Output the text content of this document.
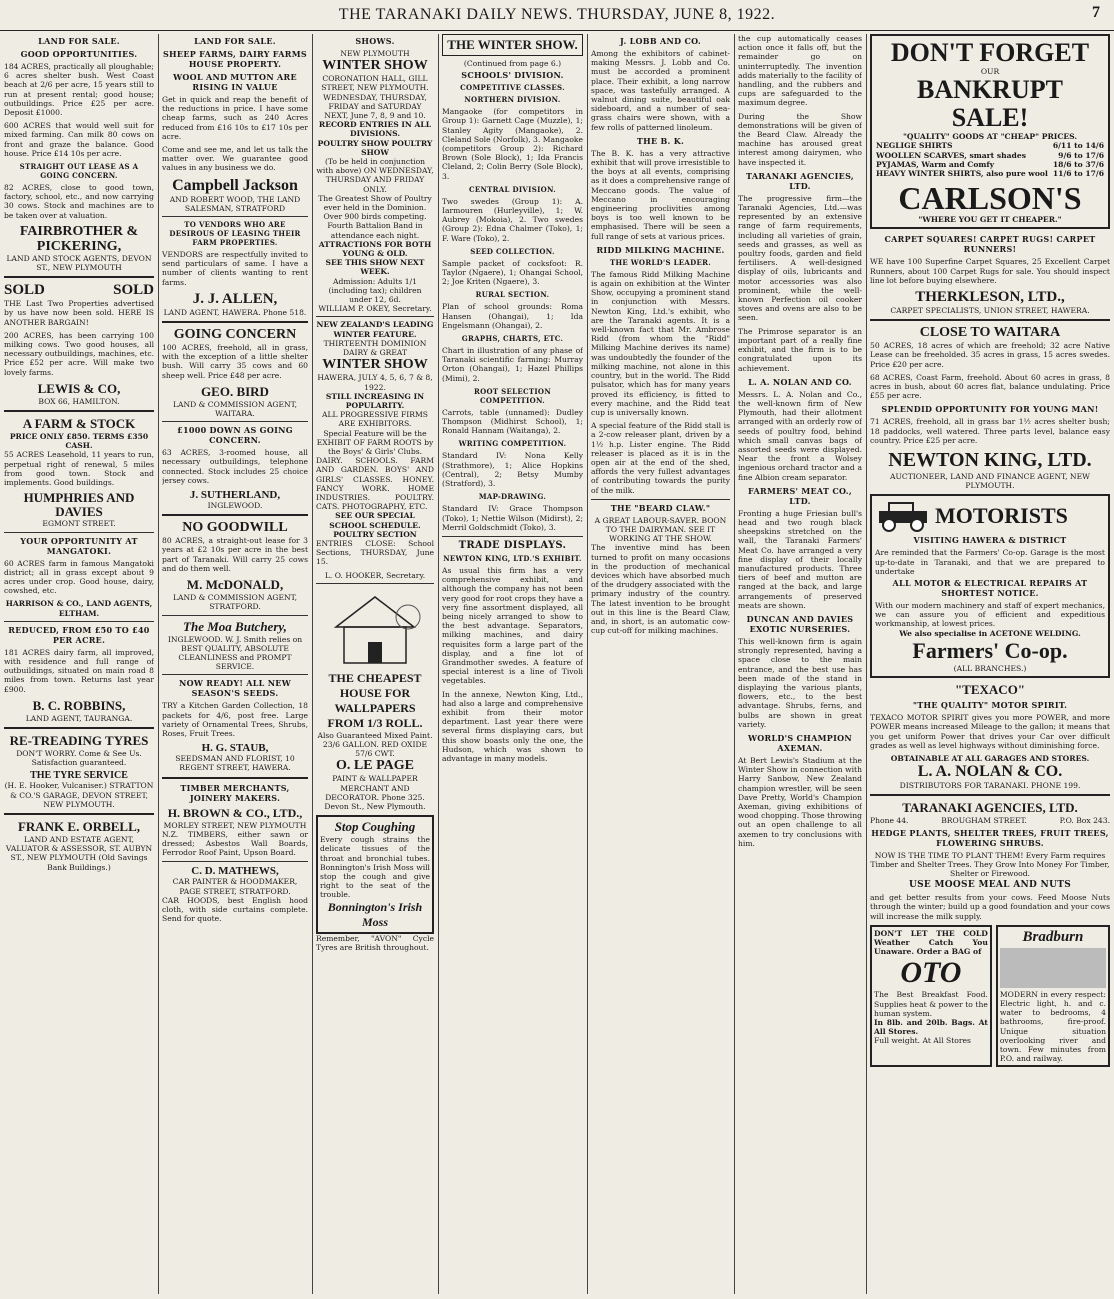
THE TARANAKI DAILY NEWS. THURSDAY, JUNE 8, 1922.	7
LAND FOR SALE.
GOOD OPPORTUNITIES.
184 ACRES, practically all ploughable; 6 acres shelter bush. West Coast beach at 2/6 per acre, 15 years still to run at present rental; good house; outbuildings. Price £25 per acre. Deposit £1000.
600 ACRES that would well suit for mixed farming. Can milk 80 cows on front and graze the balance. Good house. Price £14 10s per acre.
STRAIGHT OUT LEASE AS A GOING CONCERN.
82 ACRES, close to good town, factory, school, etc., and now carrying 30 cows. Stock and machines are to be taken over at valuation.
FAIRBROTHER & PICKERING,
LAND AND STOCK AGENTS, DEVON ST., NEW PLYMOUTH
SOLD	SOLD
THE Last Two Properties advertised by us have now been sold. HERE IS ANOTHER BARGAIN!
200 ACRES, has been carrying 100 milking cows. Two good houses, all necessary outbuildings, machines, etc. Price £52 per acre. Will make two lovely farms.
LEWIS & CO,
BOX 66, HAMILTON.
A FARM & STOCK
PRICE ONLY £850. TERMS £350 CASH.
55 ACRES Leasehold, 11 years to run, perpetual right of renewal, 5 miles from good town. Stock and implements. Good buildings.
HUMPHRIES AND DAVIES
EGMONT STREET.
YOUR OPPORTUNITY AT MANGATOKI.
60 ACRES farm in famous Mangatoki district; all in grass except about 9 acres under crop. Good house, dairy, cowshed, etc.
HARRISON & CO., LAND AGENTS, ELTHAM.
REDUCED, FROM £50 TO £40 PER ACRE.
181 ACRES dairy farm, all improved, with residence and full range of outbuildings, situated on main road 8 miles from town. Returns last year £900.
B. C. ROBBINS,
LAND AGENT, TAURANGA.
RE-TREADING TYRES
DON'T WORRY. Come & See Us. Satisfaction guaranteed.
THE TYRE SERVICE
(H. E. Hooker, Vulcaniser.) STRATTON & CO.'S GARAGE, DEVON STREET, NEW PLYMOUTH.
FRANK E. ORBELL,
LAND AND ESTATE AGENT, VALUATOR & ASSESSOR, ST. AUBYN ST., NEW PLYMOUTH (Old Savings Bank Buildings.)
LAND FOR SALE.
SHEEP FARMS, DAIRY FARMS HOUSE PROPERTY.
WOOL AND MUTTON ARE RISING IN VALUE
Get in quick and reap the benefit of the reductions in price. I have some cheap farms, such as 240 Acres reduced from £16 10s to £17 10s per acre.
Come and see me, and let us talk the matter over. We guarantee good values in any business we do.
Campbell Jackson
AND ROBERT WOOD, THE LAND SALESMAN, STRATFORD
TO VENDORS WHO ARE DESIROUS OF LEASING THEIR FARM PROPERTIES.
VENDORS are respectfully invited to send particulars of same. I have a number of clients wanting to rent farms.
J. J. ALLEN,
LAND AGENT, HAWERA. Phone 518.
GOING CONCERN
100 ACRES, freehold, all in grass, with the exception of a little shelter bush. Will carry 35 cows and 60 sheep well. Price £48 per acre.
GEO. BIRD
LAND & COMMISSION AGENT, WAITARA.
£1000 DOWN AS GOING CONCERN.
63 ACRES, 3-roomed house, all necessary outbuildings, telephone connected. Stock includes 25 choice jersey cows.
J. SUTHERLAND,
INGLEWOOD.
NO GOODWILL
80 ACRES, a straight-out lease for 3 years at £2 10s per acre in the best part of Taranaki. Will carry 25 cows and do them well.
M. McDONALD,
LAND & COMMISSION AGENT, STRATFORD.
The Moa Butchery,
INGLEWOOD. W. J. Smith relies on BEST QUALITY, ABSOLUTE CLEANLINESS and PROMPT SERVICE.
NOW READY! ALL NEW SEASON'S SEEDS.
TRY a Kitchen Garden Collection, 18 packets for 4/6, post free. Large variety of Ornamental Trees, Shrubs, Roses, Fruit Trees.
H. G. STAUB,
SEEDSMAN AND FLORIST, 10 REGENT STREET, HAWERA.
TIMBER MERCHANTS, JOINERY MAKERS.
H. BROWN & CO., LTD.,
MORLEY STREET, NEW PLYMOUTH
N.Z. TIMBERS, either sawn or dressed; Asbestos Wall Boards, Ferrodor Roof Paint, Upson Board.
C. D. MATHEWS,
CAR PAINTER & HOODMAKER, PAGE STREET, STRATFORD.
CAR HOODS, best English hood cloth, with side curtains complete. Send for quote.
SHOWS.
NEW PLYMOUTH
WINTER SHOW
CORONATION HALL, GILL STREET, NEW PLYMOUTH.
WEDNESDAY, THURSDAY, FRIDAY and SATURDAY NEXT, June 7, 8, 9 and 10.
RECORD ENTRIES IN ALL DIVISIONS.
POULTRY SHOW POULTRY SHOW
(To be held in conjunction with above) ON WEDNESDAY, THURSDAY AND FRIDAY ONLY.
The Greatest Show of Poultry ever held in the Dominion. Over 900 birds competing.
Fourth Battalion Band in attendance each night.
ATTRACTIONS FOR BOTH YOUNG & OLD.
SEE THIS SHOW NEXT WEEK.
Admission: Adults 1/1 (including tax); children under 12, 6d.
WILLIAM P. OKEY, Secretary.
NEW ZEALAND'S LEADING WINTER FEATURE.
THIRTEENTH DOMINION DAIRY & GREAT
WINTER SHOW
HAWERA, JULY 4, 5, 6, 7 & 8, 1922.
STILL INCREASING IN POPULARITY.
ALL PROGRESSIVE FIRMS ARE EXHIBITORS.
Special Feature will be the EXHIBIT OF FARM ROOTS by the Boys' & Girls' Clubs.
DAIRY. SCHOOLS. FARM AND GARDEN. BOYS' AND GIRLS' CLASSES. HONEY. FANCY WORK. HOME INDUSTRIES. POULTRY. CATS. PHOTOGRAPHY, ETC.
SEE OUR SPECIAL SCHOOL SCHEDULE.
POULTRY SECTION
ENTRIES CLOSE: School Sections, THURSDAY, June 15.
L. O. HOOKER, Secretary.
THE CHEAPEST HOUSE FOR WALLPAPERS
FROM 1/3 ROLL.
Also Guaranteed Mixed Paint. 23/6 GALLON. RED OXIDE 57/6 CWT.
O. LE PAGE
PAINT & WALLPAPER MERCHANT AND DECORATOR. Phone 325. Devon St., New Plymouth.
Stop Coughing
Every cough strains the delicate tissues of the throat and bronchial tubes. Bonnington's Irish Moss will stop the cough and give right to the seat of the trouble.
Bonnington's Irish Moss
Remember, "AVON" Cycle Tyres are British throughout.
THE WINTER SHOW.
(Continued from page 6.)
SCHOOLS' DIVISION.
COMPETITIVE CLASSES.
NORTHERN DIVISION.
Mangaoke (for competitors in Group 1): Garnett Cage (Muzzle), 1; Stanley Agity (Mangaoke), 2. Cleland Sole (Norfolk), 3. Mangaoke (competitors Group 2): Richard Brown (Sole Block), 1; Ida Francis Cleland, 2; Colin Berry (Sole Block), 3.
CENTRAL DIVISION.
Two swedes (Group 1): A. Iarmouren (Hurleyville), 1; W. Aubrey (Mokoia), 2. Two swedes (Group 2): Edna Chalmer (Toko), 1; F. Ware (Toko), 2.
SEED COLLECTION.
Sample packet of cocksfoot: R. Taylor (Ngaere), 1; Ohangai School, 2; Joe Kriten (Ngaere), 3.
RURAL SECTION.
Plan of school grounds: Roma Hansen (Ohangai), 1; Ida Engelsmann (Ohangai), 2.
GRAPHS, CHARTS, ETC.
Chart in illustration of any phase of Taranaki scientific farming: Murray Orton (Ohangai), 1; Hazel Phillips (Mimi), 2.
ROOT SELECTION COMPETITION.
Carrots, table (unnamed): Dudley Thompson (Midhirst School), 1; Ronald Hannam (Waitanga), 2.
WRITING COMPETITION.
Standard IV: Nona Kelly (Strathmore), 1; Alice Hopkins (Central), 2; Betsy Mumby (Stratford), 3.
MAP-DRAWING.
Standard IV: Grace Thompson (Toko), 1; Nettie Wilson (Midirst), 2; Merril Goldschmidt (Toko), 3.
TRADE DISPLAYS.
NEWTON KING, LTD.'S EXHIBIT.
As usual this firm has a very comprehensive exhibit, and although the company has not been very good for root crops they have a very fine assortment displayed, all being nicely arranged to show to the best advantage. Separators, milking machines, and dairy requisites form a large part of the display, and a fine lot of Grandmother swedes. A feature of special interest is a line of Tivoli vegetables.
In the annexe, Newton King, Ltd., had also a large and comprehensive exhibit from their motor department. Last year there were several firms displaying cars, but this show boasts only the one, the Hudson, which was shown to advantage in many models.
J. LOBB AND CO.
Among the exhibitors of cabinet-making Messrs. J. Lobb and Co. must be accorded a prominent place. Their exhibit, a long narrow space, was tastefully arranged. A walnut dining suite, beautiful oak sideboard, and a number of sea-grass chairs were shown, with a few rolls of patterned linoleum.
THE B. K.
The B. K. has a very attractive exhibit that will prove irresistible to the boys at all events, comprising as it does a comprehensive range of Meccano goods. The value of Meccano in encouraging engineering proclivities among boys is too well known to be emphasised. There will be seen a full range of sets at various prices.
RIDD MILKING MACHINE.
THE WORLD'S LEADER.
The famous Ridd Milking Machine is again on exhibition at the Winter Show, occupying a prominent stand in conjunction with Messrs. Newton King, Ltd.'s exhibit, who are the Taranaki agents. It is a well-known fact that Mr. Ambrose Ridd (from whom the "Ridd" Milking Machine derives its name) was undoubtedly the founder of the milking machine, not alone in this country, but in the world. The Ridd pulsator, which has for many years proved its efficiency, is fitted to every machine, and the Ridd teat cup is universally known.
A special feature of the Ridd stall is a 2-cow releaser plant, driven by a 1½ h.p. Lister engine. The Ridd releaser is placed as it is in the open air at the end of the shed, affords the very fullest advantages of contributing towards the purity of the milk.
THE "BEARD CLAW."
A GREAT LABOUR-SAVER. BOON TO THE DAIRYMAN. SEE IT WORKING AT THE SHOW.
The inventive mind has been turned to profit on many occasions in the production of mechanical devices which have absorbed much of the drudgery associated with the primary industry of the country. The latest invention to be brought out in this line is the Beard Claw, and, in short, is an automatic cow-cup cut-off for milking machines.
the cup automatically ceases action once it falls off, but the remainder go on uninterruptedly. The invention adds materially to the facility of handling, and the rubbers and cups are safeguarded to the maximum degree.
During the Show demonstrations will be given of the Beard Claw. Already the machine has aroused great interest among dairymen, who have inspected it.
TARANAKI AGENCIES, LTD.
The progressive firm—the Taranaki Agencies, Ltd.—was represented by an extensive range of farm requirements, including all varieties of grain, seeds and grasses, as well as poultry foods, garden and field fertilisers. A well-designed display of oils, lubricants and motor accessories was also prominent, while the well-known Perfection oil cooker stoves and ovens are also to be seen.
The Primrose separator is an important part of a really fine exhibit, and the firm is to be congratulated upon its achievement.
L. A. NOLAN AND CO.
Messrs. L. A. Nolan and Co., the well-known firm of New Plymouth, had their allotment arranged with an orderly row of seeds of poultry food, behind which small canvas bags of assorted seeds were displayed. Near the front a Wolsey ingenious orchard tractor and a fine Albion cream separator.
FARMERS' MEAT CO., LTD.
Fronting a huge Friesian bull's head and two rough black sheepskins stretched on the wall, the Taranaki Farmers' Meat Co. have arranged a very fine display of their locally manufactured products. Three tiers of beef and mutton are ranged at the back, and large arrangements of preserved meats are shown.
DUNCAN AND DAVIES EXOTIC NURSERIES.
This well-known firm is again strongly represented, having a space close to the main entrance, and the best use has been made of the stand in displaying the various plants, flowers, etc., to the best advantage. Shrubs, ferns, and bulbs are shown in great variety.
WORLD'S CHAMPION AXEMAN.
At Bert Lewis's Stadium at the Winter Show in connection with Harry Sanbow, New Zealand champion wrestler, will be seen Dave Pretty, World's Champion Axeman, giving exhibitions of wood chopping. Those throwing out an open challenge to all axemen to try conclusions with him.
DON'T FORGET
OUR
BANKRUPT SALE!
"QUALITY" GOODS AT "CHEAP" PRICES.
NEGLIGE SHIRTS	6/11 to 14/6
WOOLLEN SCARVES, smart shades	9/6 to 17/6
PYJAMAS, Warm and Comfy	18/6 to 37/6
HEAVY WINTER SHIRTS, also pure wool 11/6 to 17/6
CARLSON'S
"WHERE YOU GET IT CHEAPER."
CARPET SQUARES! CARPET RUGS! CARPET RUNNERS!
WE have 100 Superfine Carpet Squares, 25 Excellent Carpet Runners, about 100 Carpet Rugs for sale. You should inspect line lot before buying elsewhere.
THERKLESON, LTD.,
CARPET SPECIALISTS, UNION STREET, HAWERA.
CLOSE TO WAITARA
50 ACRES, 18 acres of which are freehold; 32 acre Native Lease can be freeholded. 35 acres in grass, 15 acres swedes. Price £20 per acre.
68 ACRES, Coast Farm, freehold. About 60 acres in grass, 8 acres in bush, about 60 acres flat, balance undulating. Price £55 per acre.
SPLENDID OPPORTUNITY FOR YOUNG MAN!
71 ACRES, freehold, all in grass bar 1½ acres shelter bush; 18 paddocks, well watered. Three parts level, balance easy country. Price £25 per acre.
NEWTON KING, LTD.
AUCTIONEER, LAND AND FINANCE AGENT, NEW PLYMOUTH.
MOTORISTS
VISITING HAWERA & DISTRICT
Are reminded that the Farmers' Co-op. Garage is the most up-to-date in Taranaki, and that we are prepared to undertake
ALL MOTOR & ELECTRICAL REPAIRS AT SHORTEST NOTICE.
With our modern machinery and staff of expert mechanics, we can assure you of efficient and expeditious workmanship, at lowest prices.
We also specialise in ACETONE WELDING.
Farmers' Co-op.
(ALL BRANCHES.)
"TEXACO"
"THE QUALITY" MOTOR SPIRIT.
TEXACO MOTOR SPIRIT gives you more POWER, and more POWER means increased Mileage to the gallon; it means that you get uniform Power that drives your Car over difficult grades as well as level highways without diminishing force.
OBTAINABLE AT ALL GARAGES AND STORES.
L. A. NOLAN & CO.
DISTRIBUTORS FOR TARANAKI. PHONE 199.
TARANAKI AGENCIES, LTD.
Phone 44.	BROUGHAM STREET.	P.O. Box 243.
HEDGE PLANTS, SHELTER TREES, FRUIT TREES, FLOWERING SHRUBS.
NOW IS THE TIME TO PLANT THEM! Every Farm requires Timber and Shelter Trees. They Grow Into Money For Timber, Shelter or Firewood.
USE MOOSE MEAL AND NUTS
and get better results from your cows. Feed Moose Nuts through the winter; build up a good foundation and your cows will increase the milk supply.
DON'T LET THE COLD Weather Catch You Unaware. Order a BAG of
OTO
The Best Breakfast Food. Supplies heat & power to the human system.
In 8lb. and 20lb. Bags. At All Stores.
Full weight. At All Stores
Bradburn
MODERN in every respect: Electric light, h. and c. water to bedrooms, 4 bathrooms, fire-proof. Unique situation overlooking river and town. Few minutes from P.O. and railway.
